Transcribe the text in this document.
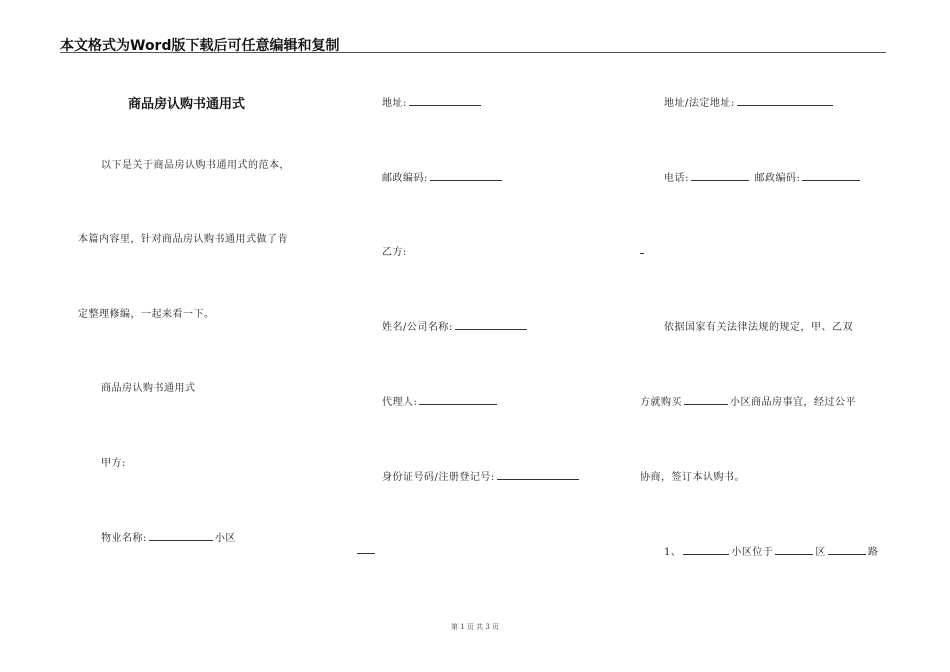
本文格式为Word版下载后可任意编辑和复制
商品房认购书通用式
以下是关于商品房认购书通用式的范本，
本篇内容里，针对商品房认购书通用式做了肯
定整理修编，一起来看一下。
商品房认购书通用式
甲方:
物业名称:	小区
地址:
邮政编码:
乙方:
姓名/公司名称:
代理人:
身份证号码/注册登记号:
地址/法定地址:
电话:	邮政编码:
依据国家有关法律法规的规定，甲、乙双
方就购买	小区商品房事宜，经过公平
协商，签订本认购书。
1、	小区位于	区	路
第 1 页 共 3 页
